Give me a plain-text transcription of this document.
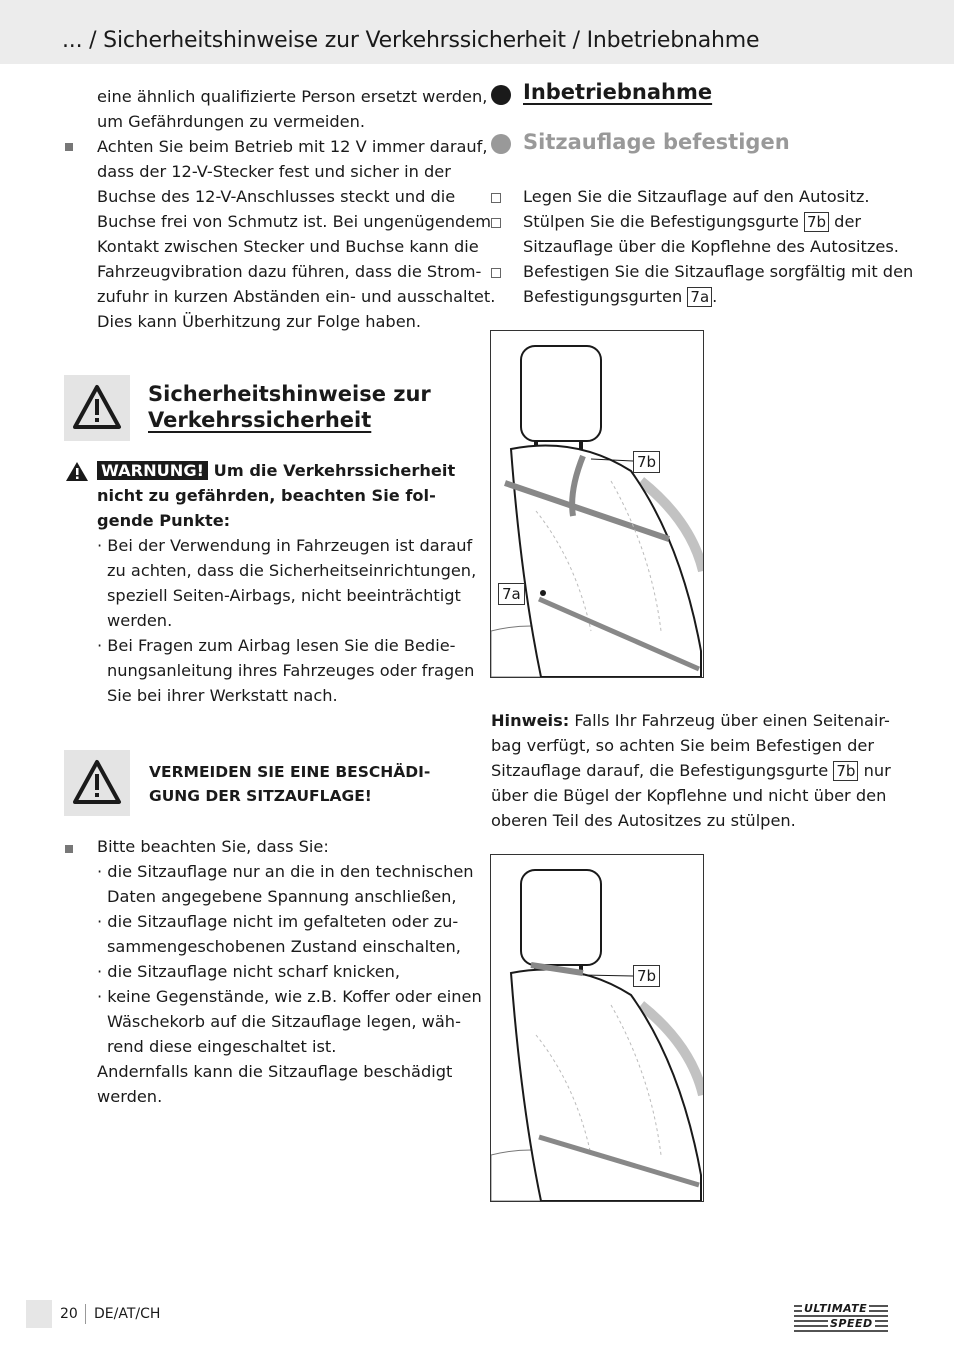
... / Sicherheitshinweise zur Verkehrssicherheit / Inbetriebnahme
eine ähnlich qualifizierte Person ersetzt werden,
um Gefährdungen zu vermeiden.
Achten Sie beim Betrieb mit 12 V immer darauf,
dass der 12-V-Stecker fest und sicher in der
Buchse des 12-V-Anschlusses steckt und die
Buchse frei von Schmutz ist. Bei ungenügendem
Kontakt zwischen Stecker und Buchse kann die
Fahrzeugvibration dazu führen, dass die Strom-
zufuhr in kurzen Abständen ein- und ausschaltet.
Dies kann Überhitzung zur Folge haben.
Sicherheitshinweise zur
Verkehrssicherheit
WARNUNG! Um die Verkehrssicherheit
nicht zu gefährden, beachten Sie fol-
gende Punkte:
· Bei der Verwendung in Fahrzeugen ist darauf
zu achten, dass die Sicherheitseinrichtungen,
speziell Seiten-Airbags, nicht beeinträchtigt
werden.
· Bei Fragen zum Airbag lesen Sie die Bedie-
nungsanleitung ihres Fahrzeuges oder fragen
Sie bei ihrer Werkstatt nach.
VERMEIDEN SIE EINE BESCHÄDI-
GUNG DER SITZAUFLAGE!
Bitte beachten Sie, dass Sie:
· die Sitzauflage nur an die in den technischen
Daten angegebene Spannung anschließen,
· die Sitzauflage nicht im gefalteten oder zu-
sammengeschobenen Zustand einschalten,
· die Sitzauflage nicht scharf knicken,
· keine Gegenstände, wie z.B. Koffer oder einen
Wäschekorb auf die Sitzauflage legen, wäh-
rend diese eingeschaltet ist.
Andernfalls kann die Sitzauflage beschädigt
werden.
Inbetriebnahme
Sitzauflage befestigen
Legen Sie die Sitzauflage auf den Autositz.
Stülpen Sie die Befestigungsgurte 7b der
Sitzauflage über die Kopflehne des Autositzes.
Befestigen Sie die Sitzauflage sorgfältig mit den
Befestigungsgurten 7a .
7b
7a
Hinweis: Falls Ihr Fahrzeug über einen Seitenair-
bag verfügt, so achten Sie beim Befestigen der
Sitzauflage darauf, die Befestigungsgurte 7b nur
über die Bügel der Kopflehne und nicht über den
oberen Teil des Autositzes zu stülpen.
7b
20 DE/AT/CH	ULTIMATE
SPEED
